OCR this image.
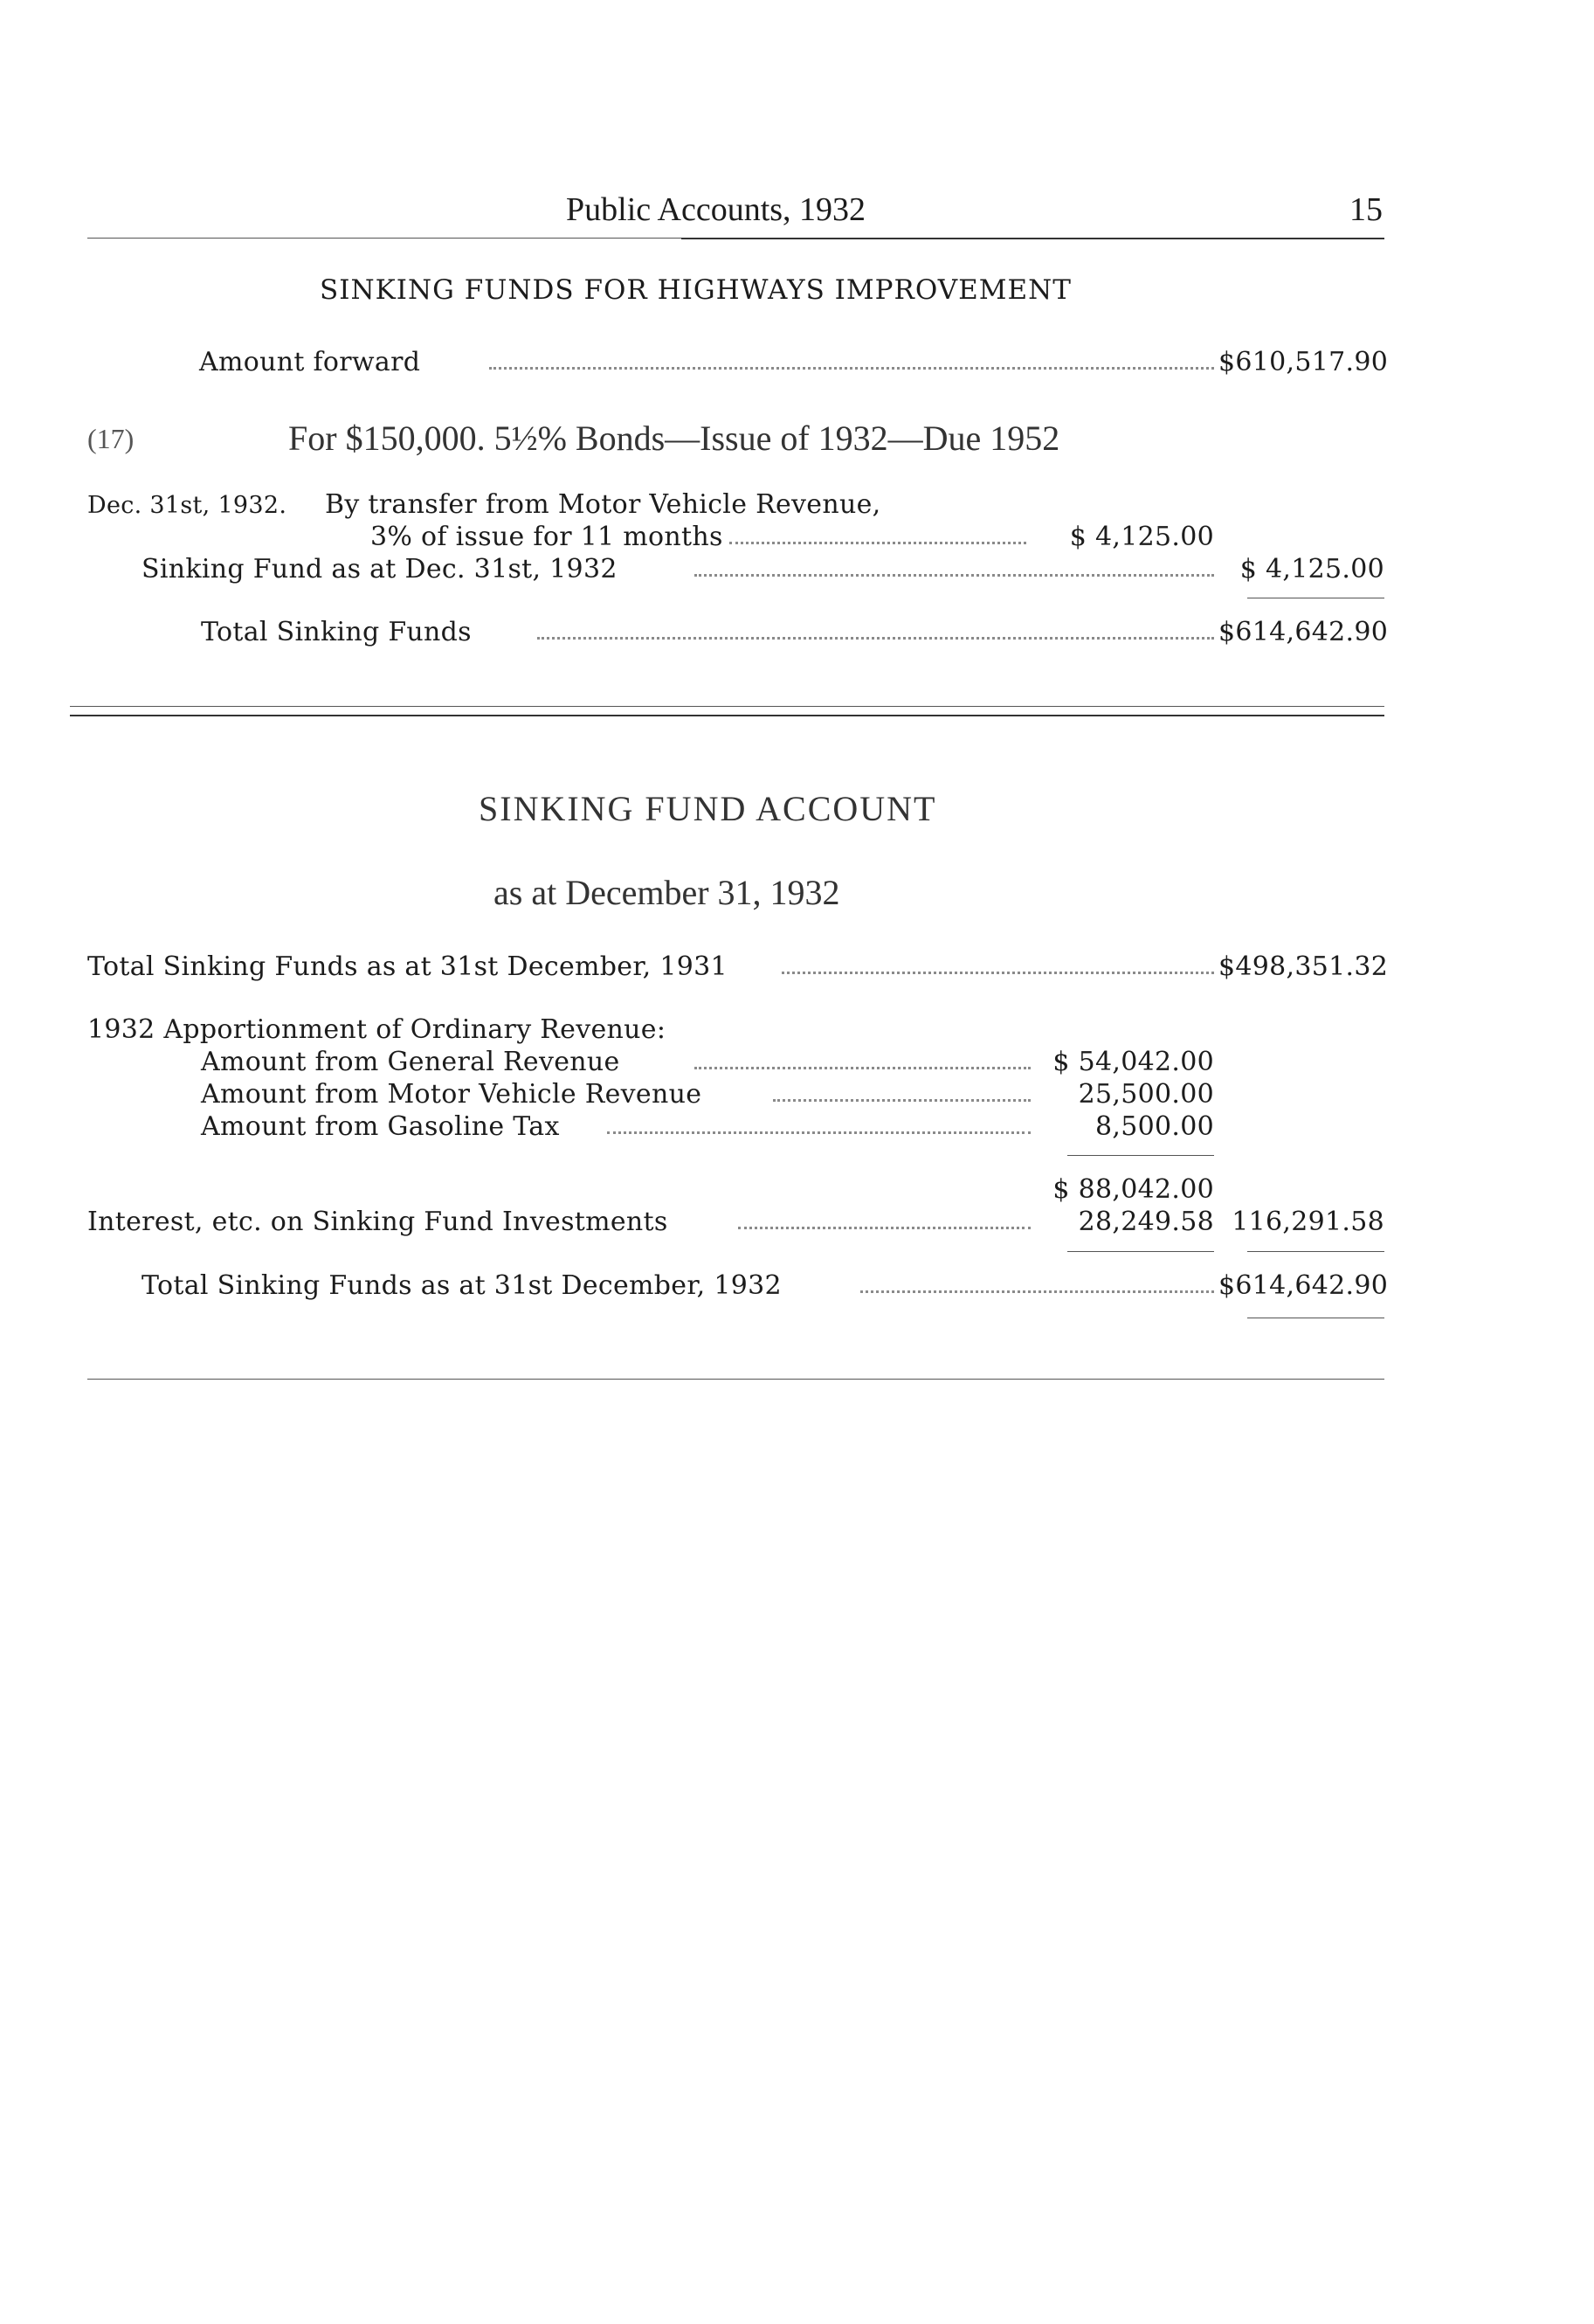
Public Accounts, 1932	15
SINKING FUNDS FOR HIGHWAYS IMPROVEMENT
Amount forward	$610,517.90
(17)	For $150,000. 5½% Bonds—Issue of 1932—Due 1952
Dec. 31st, 1932. By transfer from Motor Vehicle Revenue,
3% of issue for 11 months	$ 4,125.00
Sinking Fund as at Dec. 31st, 1932	$ 4,125.00
Total Sinking Funds	$614,642.90
SINKING FUND ACCOUNT
as at December 31, 1932
Total Sinking Funds as at 31st December, 1931	$498,351.32
1932 Apportionment of Ordinary Revenue:
Amount from General Revenue	$ 54,042.00
Amount from Motor Vehicle Revenue	25,500.00
Amount from Gasoline Tax	8,500.00
$ 88,042.00
Interest, etc. on Sinking Fund Investments	28,249.58 116,291.58
Total Sinking Funds as at 31st December, 1932	$614,642.90
